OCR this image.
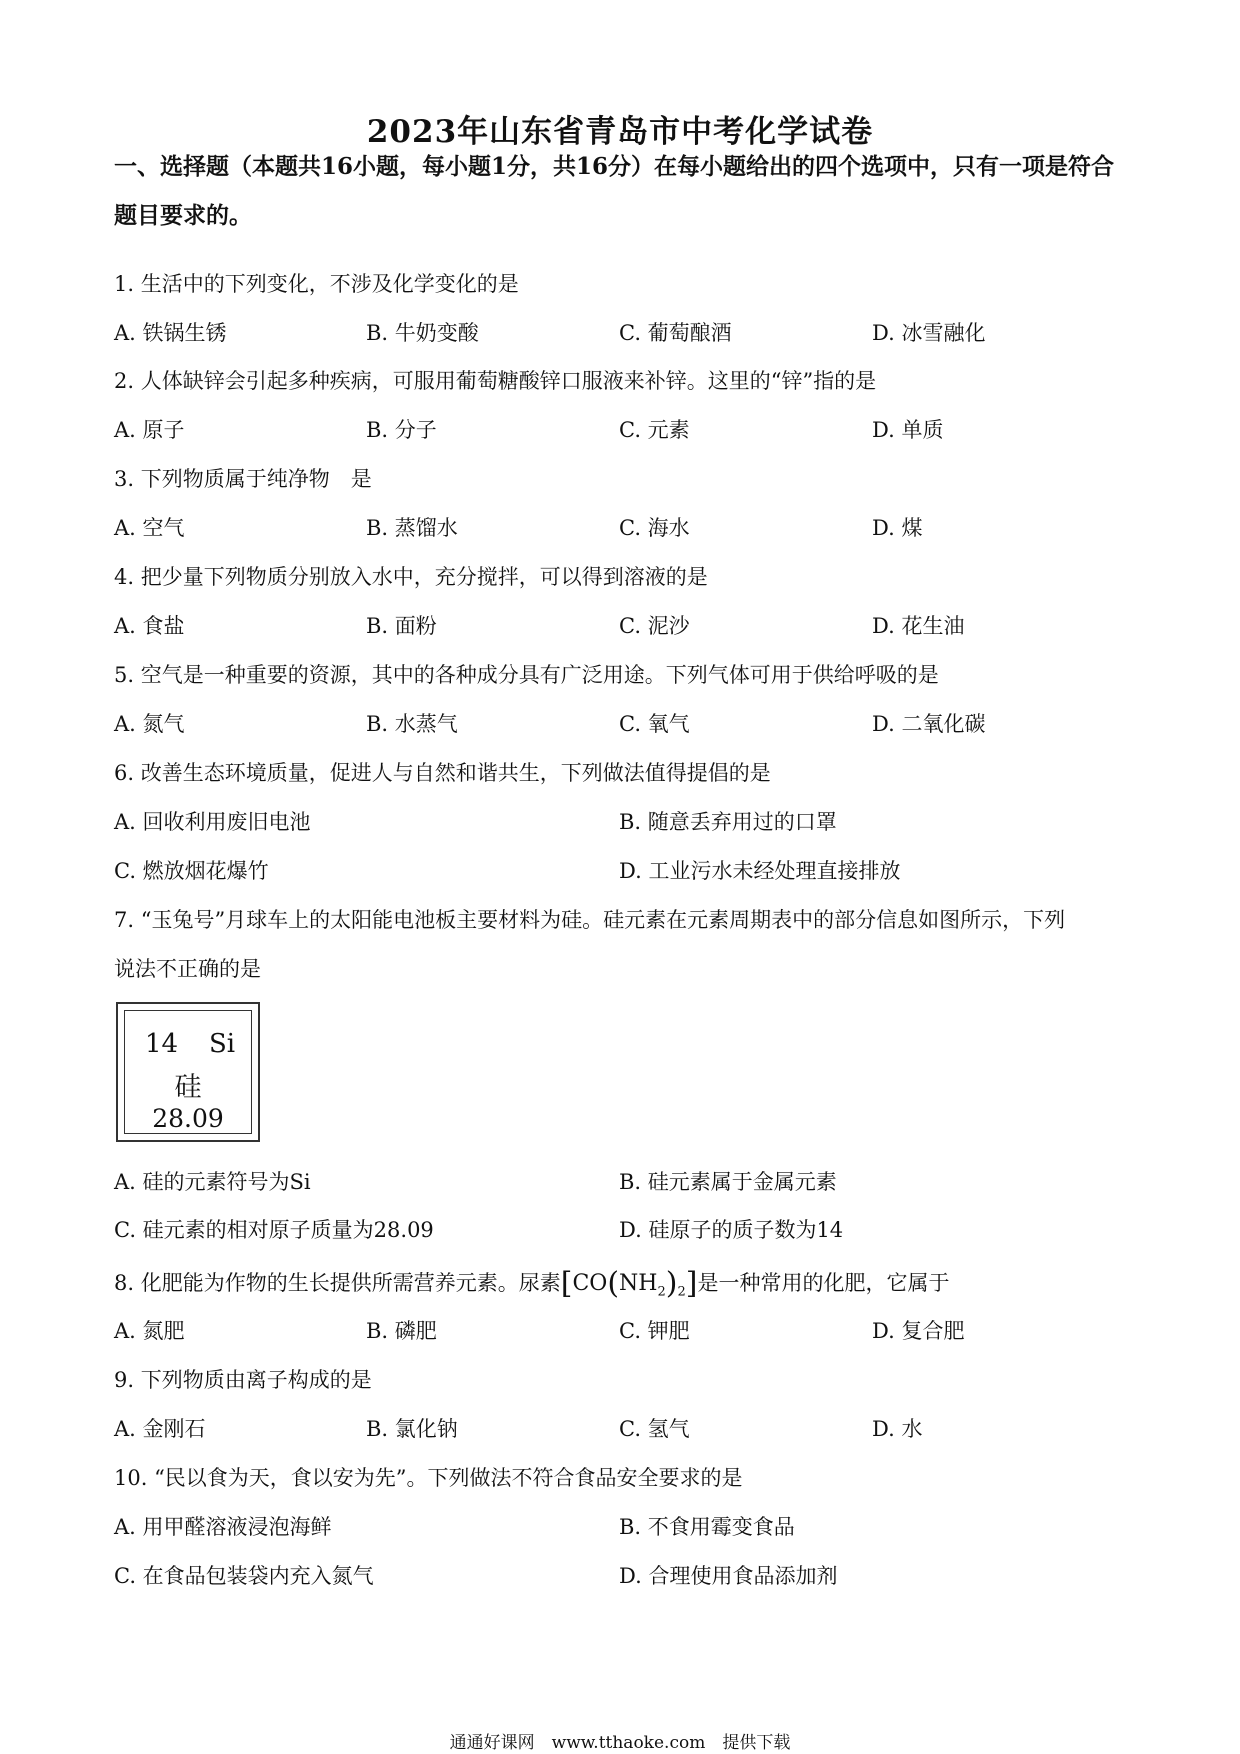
2023年山东省青岛市中考化学试卷
一、选择题（本题共16小题，每小题1分，共16分）在每小题给出的四个选项中，只有一项是符合题目要求的。
1. 生活中的下列变化，不涉及化学变化的是
A. 铁锅生锈	B. 牛奶变酸	C. 葡萄酿酒	D. 冰雪融化
2. 人体缺锌会引起多种疾病，可服用葡萄糖酸锌口服液来补锌。这里的“锌”指的是
A. 原子	B. 分子	C. 元素	D. 单质
3. 下列物质属于纯净物　是
A. 空气	B. 蒸馏水	C. 海水	D. 煤
4. 把少量下列物质分别放入水中，充分搅拌，可以得到溶液的是
A. 食盐	B. 面粉	C. 泥沙	D. 花生油
5. 空气是一种重要的资源，其中的各种成分具有广泛用途。下列气体可用于供给呼吸的是
A. 氮气	B. 水蒸气	C. 氧气	D. 二氧化碳
6. 改善生态环境质量，促进人与自然和谐共生，下列做法值得提倡的是
A. 回收利用废旧电池	B. 随意丢弃用过的口罩
C. 燃放烟花爆竹	D. 工业污水未经处理直接排放
7. “玉兔号”月球车上的太阳能电池板主要材料为硅。硅元素在元素周期表中的部分信息如图所示，下列
说法不正确的是
14 Si
硅
28.09
A. 硅的元素符号为Si	B. 硅元素属于金属元素
C. 硅元素的相对原子质量为28.09	D. 硅原子的质子数为14
8. 化肥能为作物的生长提供所需营养元素。尿素$[CO(NH_2)_2]$是一种常用的化肥，它属于
A. 氮肥	B. 磷肥	C. 钾肥	D. 复合肥
9. 下列物质由离子构成的是
A. 金刚石	B. 氯化钠	C. 氢气	D. 水
10. “民以食为天，食以安为先”。下列做法不符合食品安全要求的是
A. 用甲醛溶液浸泡海鲜	B. 不食用霉变食品
C. 在食品包装袋内充入氮气	D. 合理使用食品添加剂
通通好课网　www.tthaoke.com　提供下载
